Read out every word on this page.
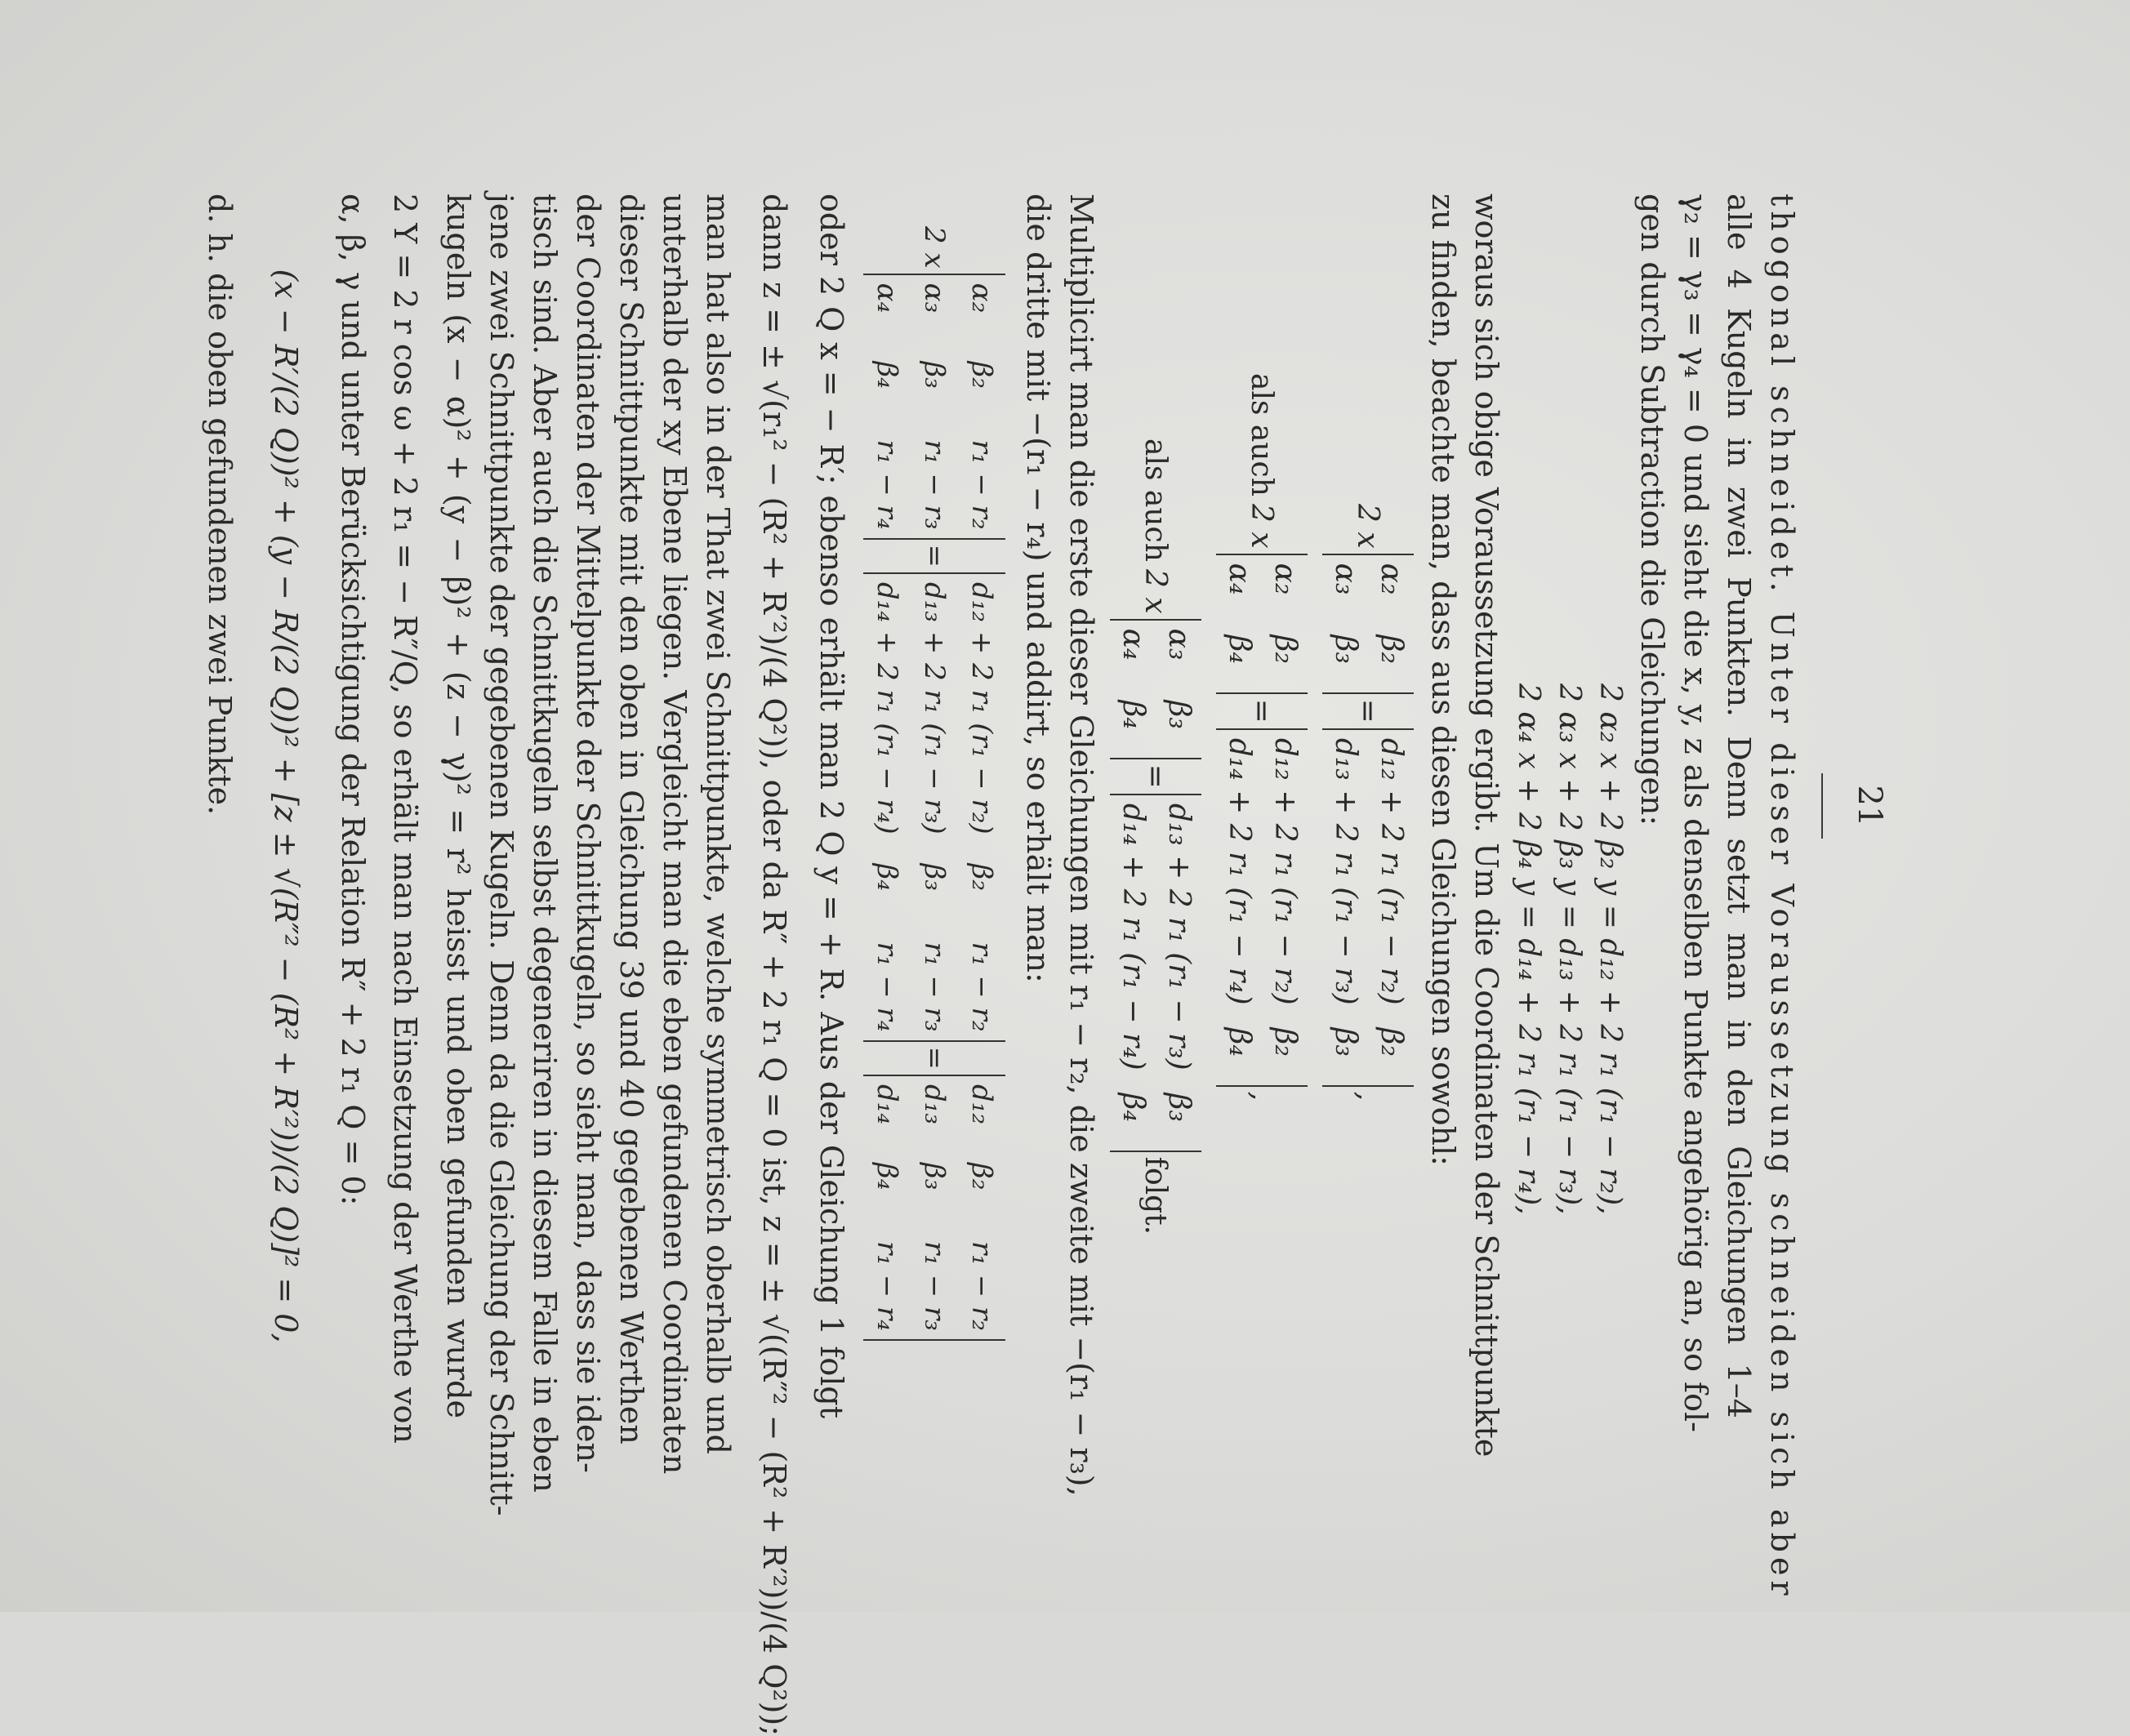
21
thogonal schneidet. Unter dieser Voraussetzung schneiden sich aber
alle 4 Kugeln in zwei Punkten. Denn setzt man in den Gleichungen 1–4
γ₂ = γ₃ = γ₄ = 0 und sieht die x, y, z als denselben Punkte angehörig an, so fol-
gen durch Subtraction die Gleichungen:
2 α₂ x + 2 β₂ y = d₁₂ + 2 r₁ (r₁ − r₂),
2 α₃ x + 2 β₃ y = d₁₃ + 2 r₁ (r₁ − r₃),
2 α₄ x + 2 β₄ y = d₁₄ + 2 r₁ (r₁ − r₄),
woraus sich obige Voraussetzung ergibt. Um die Coordinaten der Schnittpunkte
zu finden, beachte man, dass aus diesen Gleichungen sowohl:
2 x
α₂
β₂
α₃
β₃
=
d₁₂ + 2 r₁ (r₁ − r₂)
β₂
d₁₃ + 2 r₁ (r₁ − r₃)
β₃
,
als auch
2 x
α₂
β₂
α₄
β₄
=
d₁₂ + 2 r₁ (r₁ − r₂)
β₂
d₁₄ + 2 r₁ (r₁ − r₄)
β₄
,
als auch
2 x
α₃
β₃
α₄
β₄
=
d₁₃ + 2 r₁ (r₁ − r₃)
β₃
d₁₄ + 2 r₁ (r₁ − r₄)
β₄
folgt.
Multiplicirt man die erste dieser Gleichungen mit r₁ − r₂, die zweite mit −(r₁ − r₃),
die dritte mit −(r₁ − r₄) und addirt, so erhält man:
2 x
α₂
β₂
r₁ − r₂
α₃
β₃
r₁ − r₃
α₄
β₄
r₁ − r₄
=
d₁₂ + 2 r₁ (r₁ − r₂)
β₂
r₁ − r₂
d₁₃ + 2 r₁ (r₁ − r₃)
β₃
r₁ − r₃
d₁₄ + 2 r₁ (r₁ − r₄)
β₄
r₁ − r₄
=
d₁₂
β₂
r₁ − r₂
d₁₃
β₃
r₁ − r₃
d₁₄
β₄
r₁ − r₄
oder 2 Q x = − R′; ebenso erhält man 2 Q y = + R. Aus der Gleichung 1 folgt
dann z = ± √(r₁² − (R² + R′²)/(4 Q²)), oder da R″ + 2 r₁ Q = 0 ist, z = ± √((R″² − (R² + R′²))/(4 Q²));
man hat also in der That zwei Schnittpunkte, welche symmetrisch oberhalb und
unterhalb der xy Ebene liegen. Vergleicht man die eben gefundenen Coordinaten
dieser Schnittpunkte mit den oben in Gleichung 39 und 40 gegebenen Werthen
der Coordinaten der Mittelpunkte der Schnittkugeln, so sieht man, dass sie iden-
tisch sind. Aber auch die Schnittkugeln selbst degeneriren in diesem Falle in eben
jene zwei Schnittpunkte der gegebenen Kugeln. Denn da die Gleichung der Schnitt-
kugeln (x − α)² + (y − β)² + (z − γ)² = r² heisst und oben gefunden wurde
2 Y = 2 r cos ω + 2 r₁ = − R″/Q, so erhält man nach Einsetzung der Werthe von
α, β, γ und unter Berücksichtigung der Relation R″ + 2 r₁ Q = 0:
(x − R′/(2 Q))² + (y − R/(2 Q))² + [z ± √(R″² − (R² + R′²))/(2 Q)]² = 0,
d. h. die oben gefundenen zwei Punkte.
